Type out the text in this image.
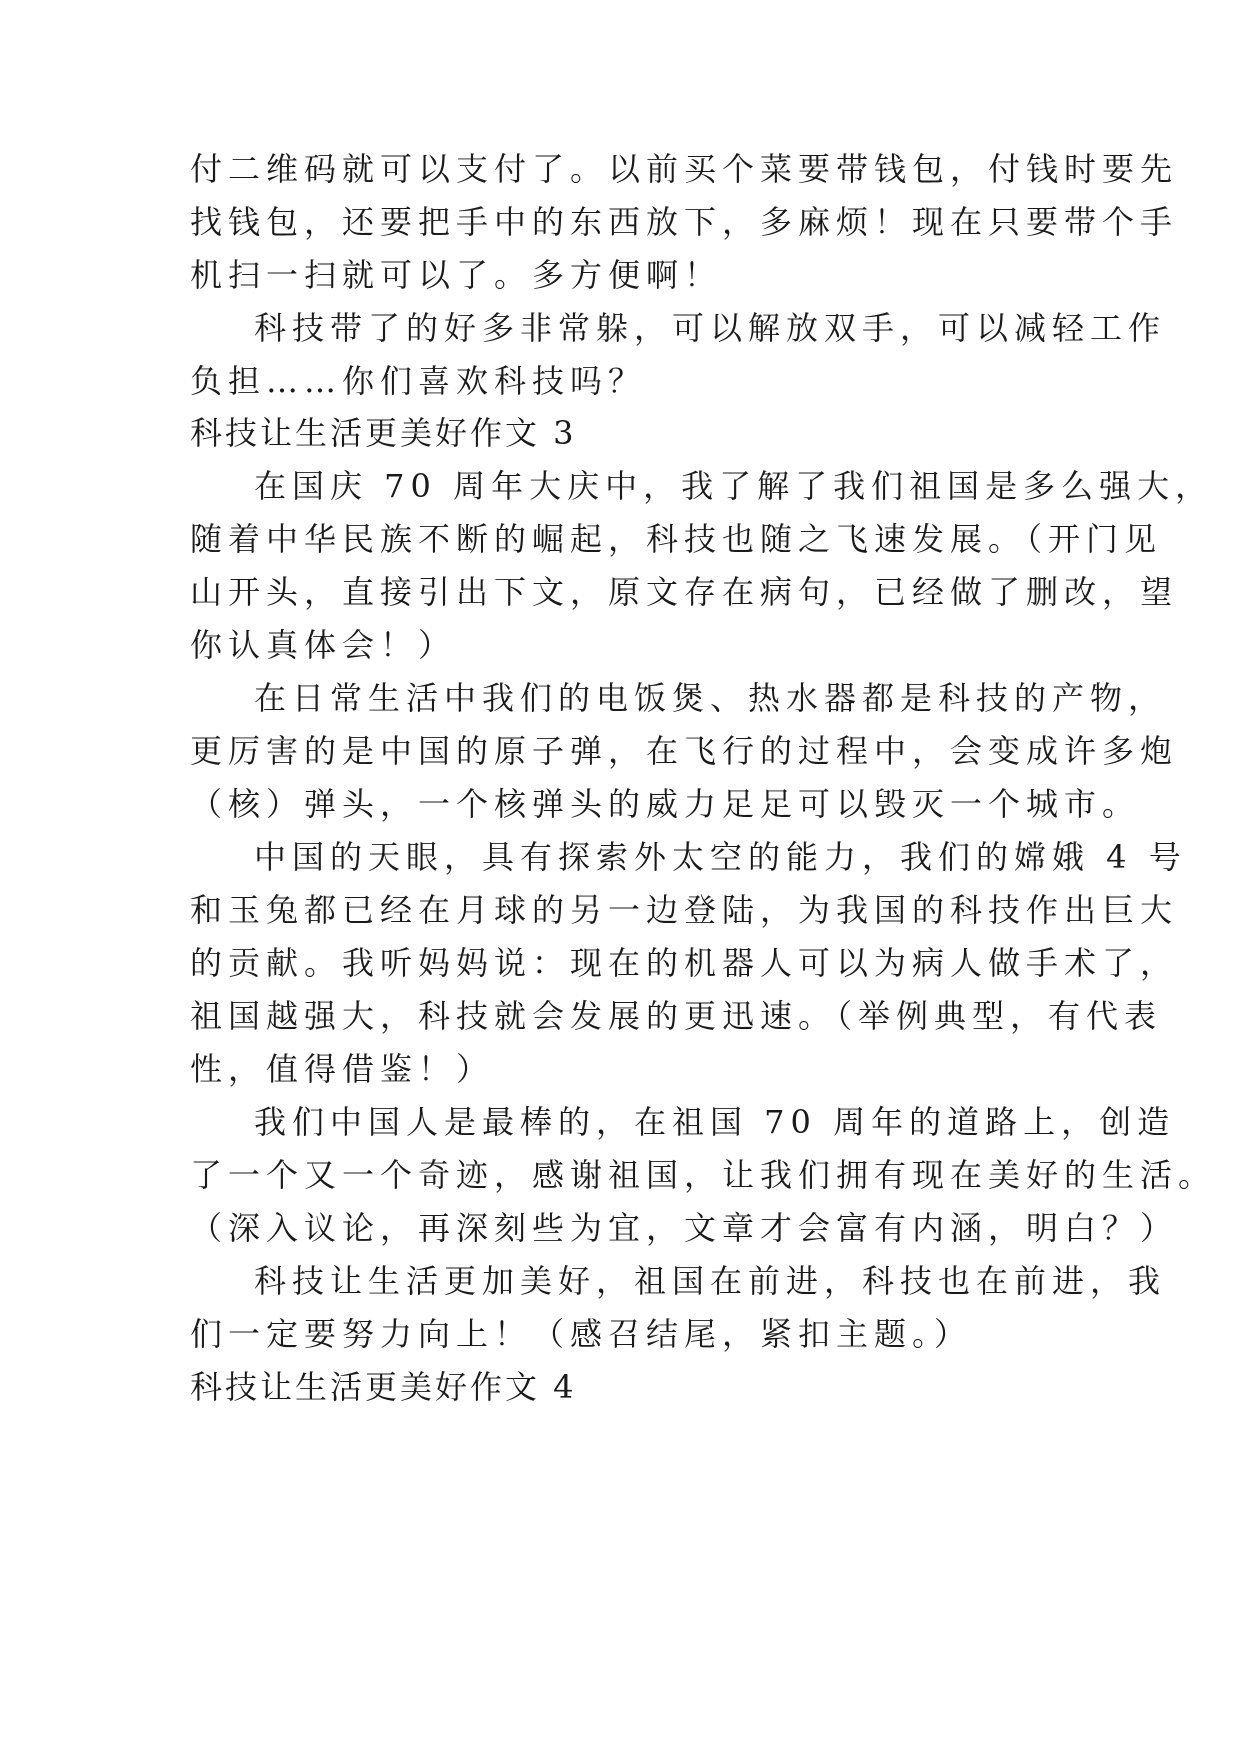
付二维码就可以支付了。以前买个菜要带钱包，付钱时要先
找钱包，还要把手中的东西放下，多麻烦！现在只要带个手
机扫一扫就可以了。多方便啊！
科技带了的好多非常躲，可以解放双手，可以减轻工作
负担……你们喜欢科技吗？
科技让生活更美好作文 3
在国庆 70 周年大庆中，我了解了我们祖国是多么强大，
随着中华民族不断的崛起，科技也随之飞速发展。（开门见
山开头，直接引出下文，原文存在病句，已经做了删改，望
你认真体会！）
在日常生活中我们的电饭煲、热水器都是科技的产物，
更厉害的是中国的原子弹，在飞行的过程中，会变成许多炮
（核）弹头，一个核弹头的威力足足可以毁灭一个城市。
中国的天眼，具有探索外太空的能力，我们的嫦娥 4 号
和玉兔都已经在月球的另一边登陆，为我国的科技作出巨大
的贡献。我听妈妈说：现在的机器人可以为病人做手术了，
祖国越强大，科技就会发展的更迅速。（举例典型，有代表
性，值得借鉴！）
我们中国人是最棒的，在祖国 70 周年的道路上，创造
了一个又一个奇迹，感谢祖国，让我们拥有现在美好的生活。
（深入议论，再深刻些为宜，文章才会富有内涵，明白？）
科技让生活更加美好，祖国在前进，科技也在前进，我
们一定要努力向上！（感召结尾，紧扣主题。）
科技让生活更美好作文 4
